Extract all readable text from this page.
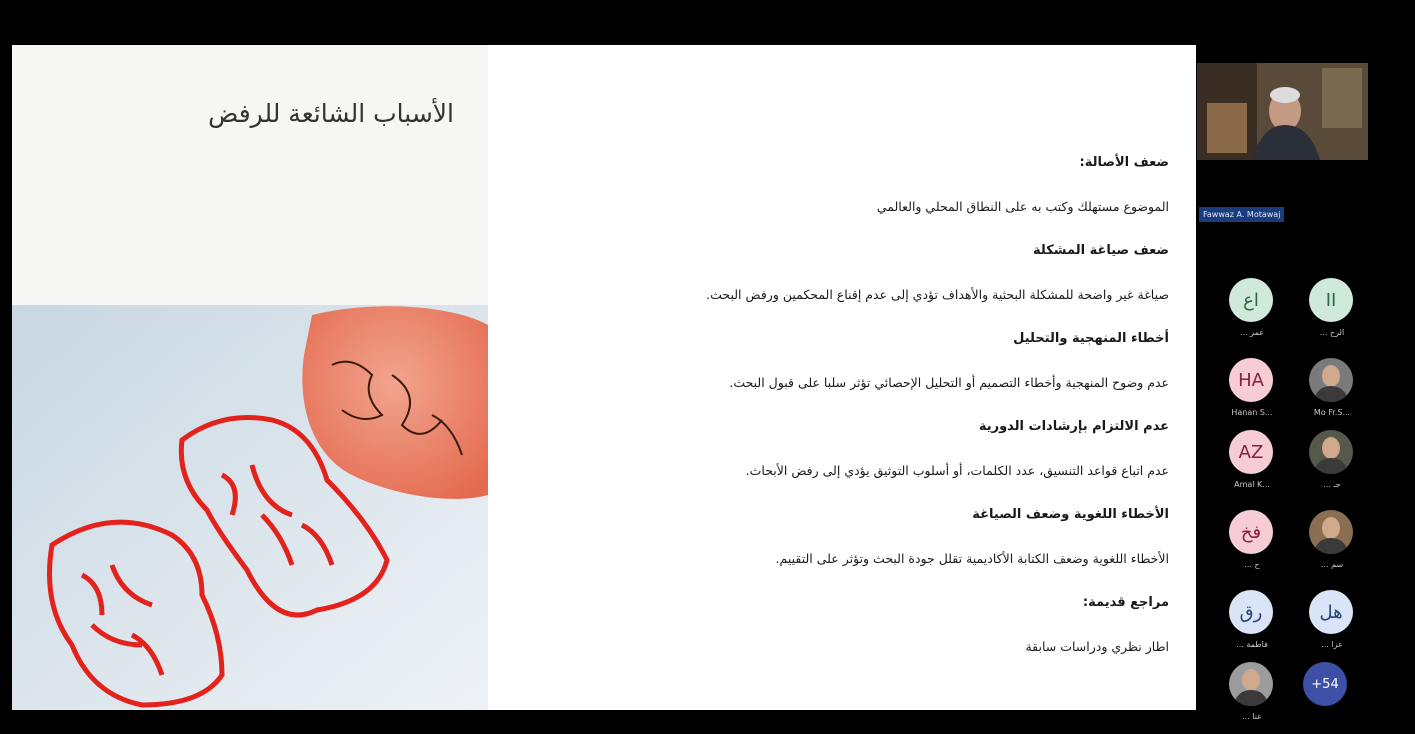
الأسباب الشائعة للرفض
ضعف الأصالة:
الموضوع مستهلك وكتب به على النطاق المحلي والعالمي
ضعف صياغة المشكلة
صياغة غير واضحة للمشكلة البحثية والأهداف تؤدي إلى عدم إقناع المحكمين ورفض البحث.
أخطاء المنهجية والتحليل
عدم وضوح المنهجية وأخطاء التصميم أو التحليل الإحصائي تؤثر سلبا على قبول البحث.
عدم الالتزام بإرشادات الدورية
عدم اتباع قواعد التنسيق، عدد الكلمات، أو أسلوب التوثيق يؤدي إلى رفض الأبحاث.
الأخطاء اللغوية وضعف الصياغة
الأخطاء اللغوية وضعف الكتابة الأكاديمية تقلل جودة البحث وتؤثر على التقييم.
مراجع قديمة:
اطار نظري ودراسات سابقة
Fawwaz A. Motawaj
اع
... عمر
II
... الرح
HA
Hanan S...	Mo Fr.S...
AZ
Amal K...	... جـ
فخ
... ح	... سم
رق
... فاطمة
هل
... عزا
... عنا
+54
